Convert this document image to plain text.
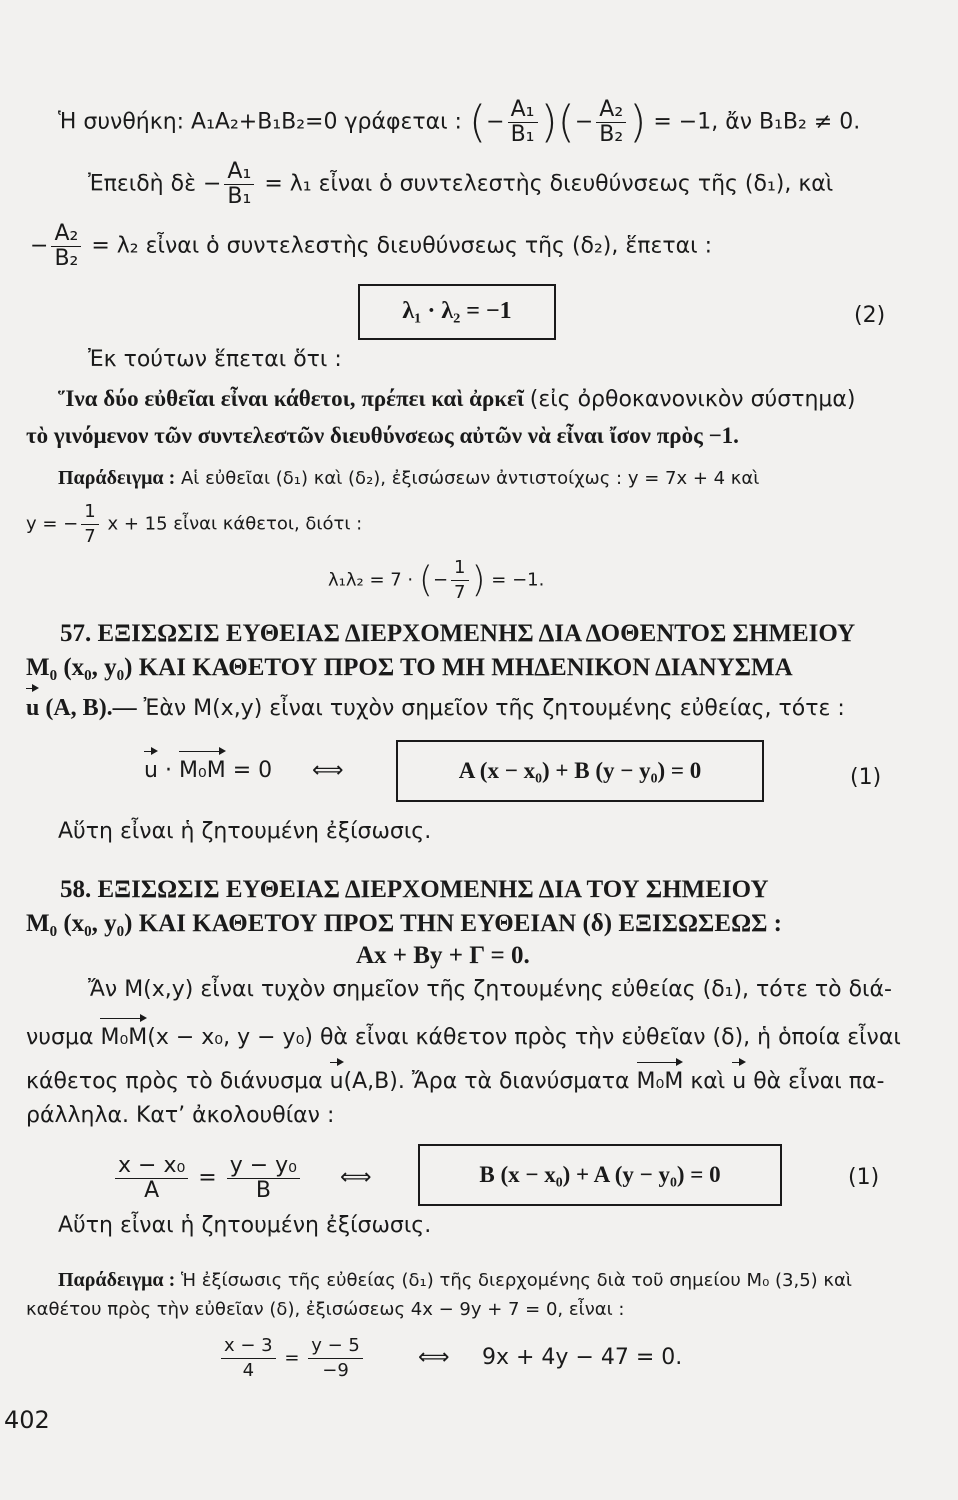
Ἡ συνθήκη: A₁A₂+B₁B₂=0 γράφεται : (− $\frac{\text{A₁}}{\text{B₁}}$ )(− $\frac{\text{A₂}}{\text{B₂}}$ ) = −1, ἄν B₁B₂ ≠ 0.
Ἐπειδὴ δὲ − $\frac{\text{A₁}}{\text{B₁}} = \lambda_1$ εἶναι ὁ συντελεστὴς διευθύνσεως τῆς (δ₁), καὶ
− $\frac{\text{A₂}}{\text{B₂}} = \lambda_2$ εἶναι ὁ συντελεστὴς διευθύνσεως τῆς (δ₂), ἕπεται :
λ₁ · λ₂ = −1	(2)
Ἐκ τούτων ἕπεται ὅτι :
Ἵνα δύο εὐθεῖαι εἶναι κάθετοι, πρέπει καὶ ἀρκεῖ (εἰς ὀρθοκανονικὸν σύστημα)
τὸ γινόμενον τῶν συντελεστῶν διευθύνσεως αὐτῶν νὰ εἶναι ἴσον πρὸς −1.
Παράδειγμα : Αἱ εὐθεῖαι (δ₁) καὶ (δ₂), ἐξισώσεων ἀντιστοίχως : y = 7x + 4 καὶ
y = − $\frac{1}{7}$ x + 15 εἶναι κάθετοι, διότι :
λ₁λ₂ = 7 · (− $\frac{1}{7}$ ) = −1.
57. ΕΞΙΣΩΣΙΣ ΕΥΘΕΙΑΣ ΔΙΕΡΧΟΜΕΝΗΣ ΔΙΑ ΔΟΘΕΝΤΟΣ ΣΗΜΕΙΟΥ
M₀ (x₀, y₀) ΚΑΙ ΚΑΘΕΤΟΥ ΠΡΟΣ ΤΟ ΜΗ ΜΗΔΕΝΙΚΟΝ ΔΙΑΝΥΣΜΑ
u (A, B).— Ἐὰν M(x,y) εἶναι τυχὸν σημεῖον τῆς ζητουμένης εὐθείας, τότε :
u · M₀M = 0 ⟺	A (x − x₀) + B (y − y₀) = 0	(1)
Αὕτη εἶναι ἡ ζητουμένη ἐξίσωσις.
58. ΕΞΙΣΩΣΙΣ ΕΥΘΕΙΑΣ ΔΙΕΡΧΟΜΕΝΗΣ ΔΙΑ ΤΟΥ ΣΗΜΕΙΟΥ
M₀ (x₀, y₀) ΚΑΙ ΚΑΘΕΤΟΥ ΠΡΟΣ ΤΗΝ ΕΥΘΕΙΑΝ (δ) ΕΞΙΣΩΣΕΩΣ :
Ax + By + Γ = 0.
Ἄν M(x,y) εἶναι τυχὸν σημεῖον τῆς ζητουμένης εὐθείας (δ₁), τότε τὸ διά-
νυσμα M₀M(x − x₀, y − y₀) θὰ εἶναι κάθετον πρὸς τὴν εὐθεῖαν (δ), ἡ ὁποία εἶναι
κάθετος πρὸς τὸ διάνυσμα u(A,B). Ἄρα τὰ διανύσματα M₀M καὶ u θὰ εἶναι πα-
ράλληλα. Κατ’ ἀκολουθίαν :
$\frac{\text{x − x₀}}{A} = \frac{\text{y − y₀}}{B}$ ⟺	B (x − x₀) + A (y − y₀) = 0	(1)
Αὕτη εἶναι ἡ ζητουμένη ἐξίσωσις.
Παράδειγμα : Ἡ ἐξίσωσις τῆς εὐθείας (δ₁) τῆς διερχομένης διὰ τοῦ σημείου M₀ (3,5) καὶ
καθέτου πρὸς τὴν εὐθεῖαν (δ), ἐξισώσεως 4x − 9y + 7 = 0, εἶναι :
$\frac{x - 3}{4} = \frac{y - 5}{-9}$	⟺ 9x + 4y − 47 = 0.
402
